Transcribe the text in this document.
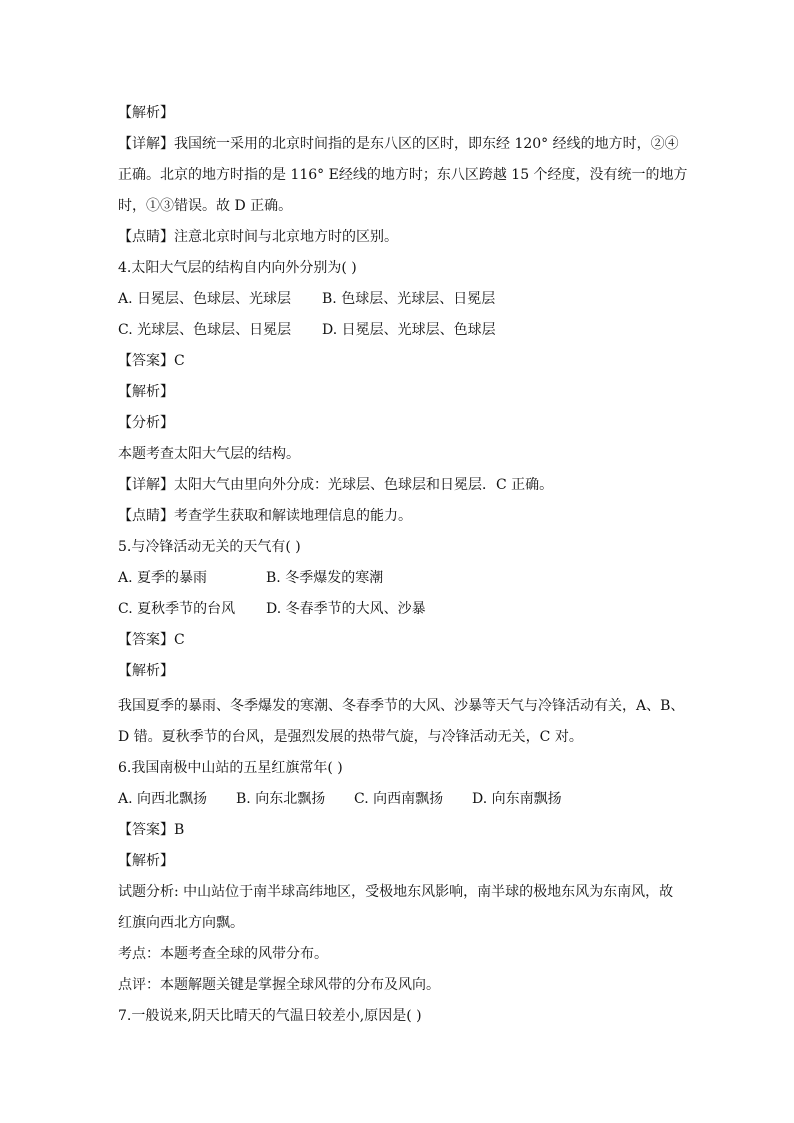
【解析】
【详解】我国统一采用的北京时间指的是东八区的区时，即东经 120° 经线的地方时，②④
正确。北京的地方时指的是 116° E经线的地方时；东八区跨越 15 个经度，没有统一的地方
时，①③错误。故 D 正确。
【点睛】注意北京时间与北京地方时的区别。
4.太阳大气层的结构自内向外分别为( )
A. 日冕层、色球层、光球层	B. 色球层、光球层、日冕层
C. 光球层、色球层、日冕层	D. 日冕层、光球层、色球层
【答案】C
【解析】
【分析】
本题考查太阳大气层的结构。
【详解】太阳大气由里向外分成：光球层、色球层和日冕层．C 正确。
【点睛】考查学生获取和解读地理信息的能力。
5.与冷锋活动无关的天气有( )
A. 夏季的暴雨	B. 冬季爆发的寒潮
C. 夏秋季节的台风	D. 冬春季节的大风、沙暴
【答案】C
【解析】
我国夏季的暴雨、冬季爆发的寒潮、冬春季节的大风、沙暴等天气与冷锋活动有关，A、B、
D 错。夏秋季节的台风，是强烈发展的热带气旋，与冷锋活动无关，C 对。
6.我国南极中山站的五星红旗常年( )
A. 向西北飘扬	B. 向东北飘扬	C. 向西南飘扬	D. 向东南飘扬
【答案】B
【解析】
试题分析: 中山站位于南半球高纬地区，受极地东风影响，南半球的极地东风为东南风，故
红旗向西北方向飘。
考点：本题考查全球的风带分布。
点评：本题解题关键是掌握全球风带的分布及风向。
7.一般说来,阴天比晴天的气温日较差小,原因是( )
